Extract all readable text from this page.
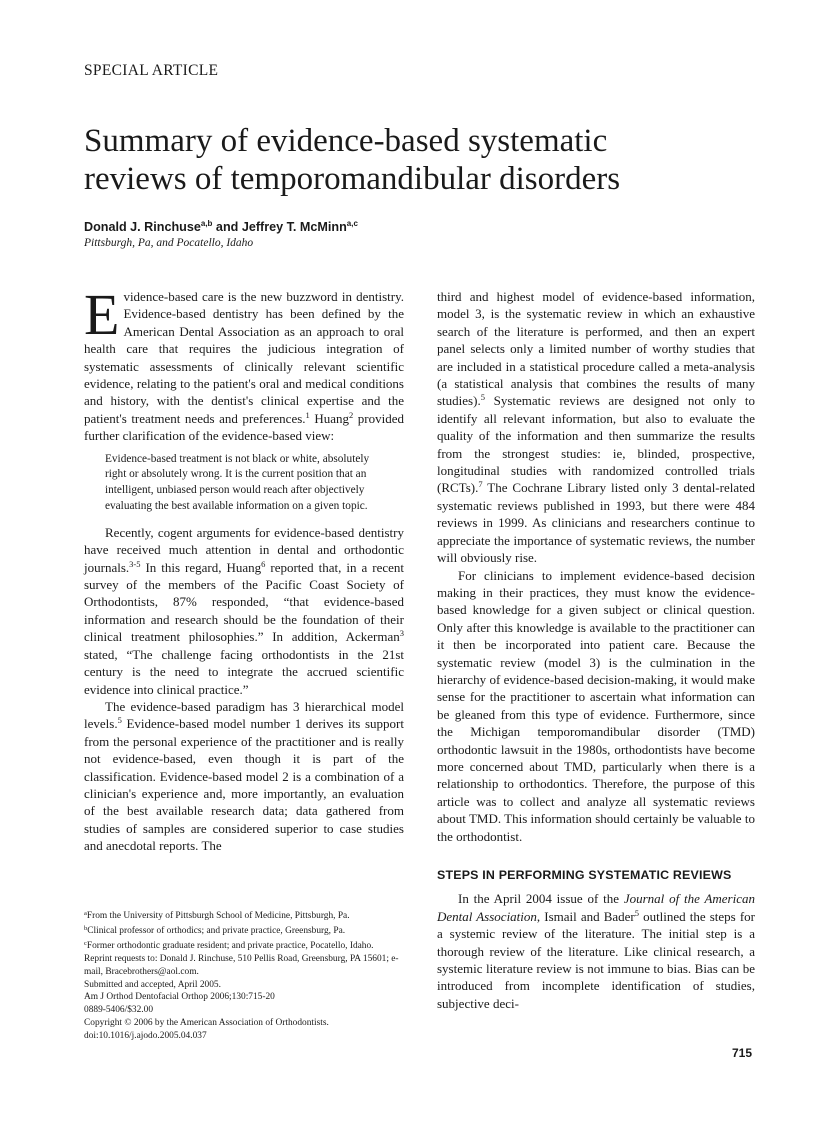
SPECIAL ARTICLE
Summary of evidence-based systematic
reviews of temporomandibular disorders
Donald J. Rinchuse$^{a,b}$ and Jeffrey T. McMinn$^{a,c}$
Pittsburgh, Pa, and Pocatello, Idaho
Evidence-based care is the new buzzword in dentistry. Evidence-based dentistry has been defined by the American Dental Association as an approach to oral health care that requires the judicious integration of systematic assessments of clinically relevant scientific evidence, relating to the patient's oral and medical conditions and history, with the dentist's clinical expertise and the patient's treatment needs and preferences.$^1$ Huang$^2$ provided further clarification of the evidence-based view:
Evidence-based treatment is not black or white, absolutely right or absolutely wrong. It is the current position that an intelligent, unbiased person would reach after objectively evaluating the best available information on a given topic.
Recently, cogent arguments for evidence-based dentistry have received much attention in dental and orthodontic journals.$^{3-5}$ In this regard, Huang$^6$ reported that, in a recent survey of the members of the Pacific Coast Society of Orthodontists, 87% responded, “that evidence-based information and research should be the foundation of their clinical treatment philosophies.” In addition, Ackerman$^3$ stated, “The challenge facing orthodontists in the 21st century is the need to integrate the accrued scientific evidence into clinical practice.”
The evidence-based paradigm has 3 hierarchical model levels.$^5$ Evidence-based model number 1 derives its support from the personal experience of the practitioner and is really not evidence-based, even though it is part of the classification. Evidence-based model 2 is a combination of a clinician's experience and, more importantly, an evaluation of the best available research data; data gathered from studies of samples are considered superior to case studies and anecdotal reports. The
third and highest model of evidence-based information, model 3, is the systematic review in which an exhaustive search of the literature is performed, and then an expert panel selects only a limited number of worthy studies that are included in a statistical procedure called a meta-analysis (a statistical analysis that combines the results of many studies).$^5$ Systematic reviews are designed not only to identify all relevant information, but also to evaluate the quality of the information and then summarize the results from the strongest studies: ie, blinded, prospective, longitudinal studies with randomized controlled trials (RCTs).$^7$ The Cochrane Library listed only 3 dental-related systematic reviews published in 1993, but there were 484 reviews in 1999. As clinicians and researchers continue to appreciate the importance of systematic reviews, the number will obviously rise.
For clinicians to implement evidence-based decision making in their practices, they must know the evidence-based knowledge for a given subject or clinical question. Only after this knowledge is available to the practitioner can it then be incorporated into patient care. Because the systematic review (model 3) is the culmination in the hierarchy of evidence-based decision-making, it would make sense for the practitioner to ascertain what information can be gleaned from this type of evidence. Furthermore, since the Michigan temporomandibular disorder (TMD) orthodontic lawsuit in the 1980s, orthodontists have become more concerned about TMD, particularly when there is a relationship to orthodontics. Therefore, the purpose of this article was to collect and analyze all systematic reviews about TMD. This information should certainly be valuable to the orthodontist.
STEPS IN PERFORMING SYSTEMATIC REVIEWS
In the April 2004 issue of the Journal of the American Dental Association, Ismail and Bader$^5$ outlined the steps for a systemic review of the literature. The initial step is a thorough review of the literature. Like clinical research, a systemic literature review is not immune to bias. Bias can be introduced from incomplete identification of studies, subjective deci-
$^a$From the University of Pittsburgh School of Medicine, Pittsburgh, Pa.
$^b$Clinical professor of orthodics; and private practice, Greensburg, Pa.
$^c$Former orthodontic graduate resident; and private practice, Pocatello, Idaho.
Reprint requests to: Donald J. Rinchuse, 510 Pellis Road, Greensburg, PA 15601; e-mail, Bracebrothers@aol.com.
Submitted and accepted, April 2005.
Am J Orthod Dentofacial Orthop 2006;130:715-20
0889-5406/$32.00
Copyright © 2006 by the American Association of Orthodontists.
doi:10.1016/j.ajodo.2005.04.037
715
